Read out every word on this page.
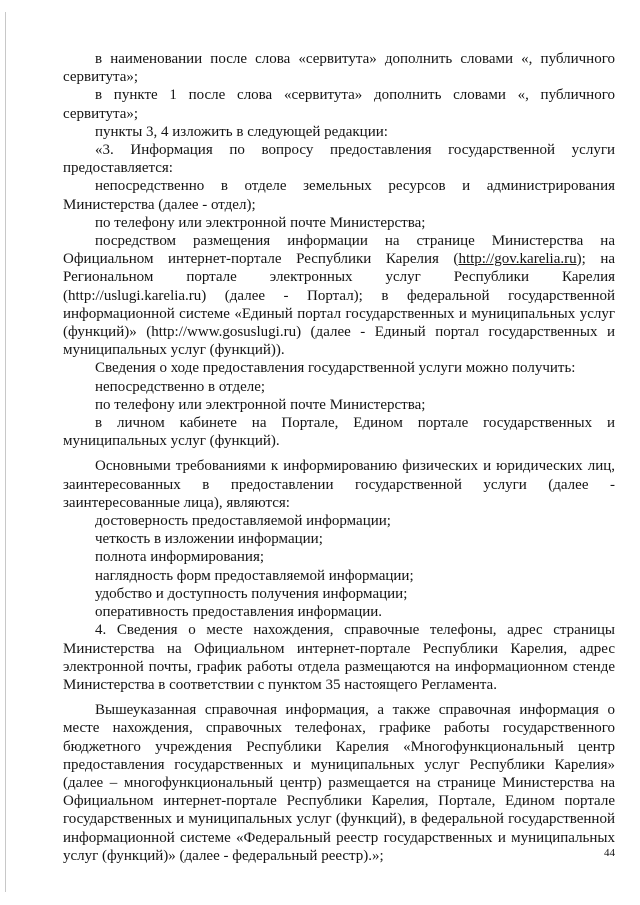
в наименовании после слова «сервитута» дополнить словами «, публичного сервитута»;

в пункте 1 после слова «сервитута» дополнить словами «, публичного сервитута»;

пункты 3, 4 изложить в следующей редакции:

«3. Информация по вопросу предоставления государственной услуги предоставляется:

непосредственно в отделе земельных ресурсов и администрирования Министерства (далее - отдел);

по телефону или электронной почте Министерства;

посредством размещения информации на странице Министерства на Официальном интернет-портале Республики Карелия (http://gov.karelia.ru); на Региональном портале электронных услуг Республики Карелия (http://uslugi.karelia.ru) (далее - Портал); в федеральной государственной информационной системе «Единый портал государственных и муниципальных услуг (функций)» (http://www.gosuslugi.ru) (далее - Единый портал государственных и муниципальных услуг (функций)).

Сведения о ходе предоставления государственной услуги можно получить:

непосредственно в отделе;

по телефону или электронной почте Министерства;

в личном кабинете на Портале, Едином портале государственных и муниципальных услуг (функций).

Основными требованиями к информированию физических и юридических лиц, заинтересованных в предоставлении государственной услуги (далее - заинтересованные лица), являются:

достоверность предоставляемой информации;

четкость в изложении информации;

полнота информирования;

наглядность форм предоставляемой информации;

удобство и доступность получения информации;

оперативность предоставления информации.

4. Сведения о месте нахождения, справочные телефоны, адрес страницы Министерства на Официальном интернет-портале Республики Карелия, адрес электронной почты, график работы отдела размещаются на информационном стенде Министерства в соответствии с пунктом 35 настоящего Регламента.

Вышеуказанная справочная информация, а также справочная информация о месте нахождения, справочных телефонах, графике работы государственного бюджетного учреждения Республики Карелия «Многофункциональный центр предоставления государственных и муниципальных услуг Республики Карелия» (далее – многофункциональный центр) размещается на странице Министерства на Официальном интернет-портале Республики Карелия, Портале, Едином портале государственных и муниципальных услуг (функций), в федеральной государственной информационной системе «Федеральный реестр государственных и муниципальных услуг (функций)» (далее - федеральный реестр).»;	44
